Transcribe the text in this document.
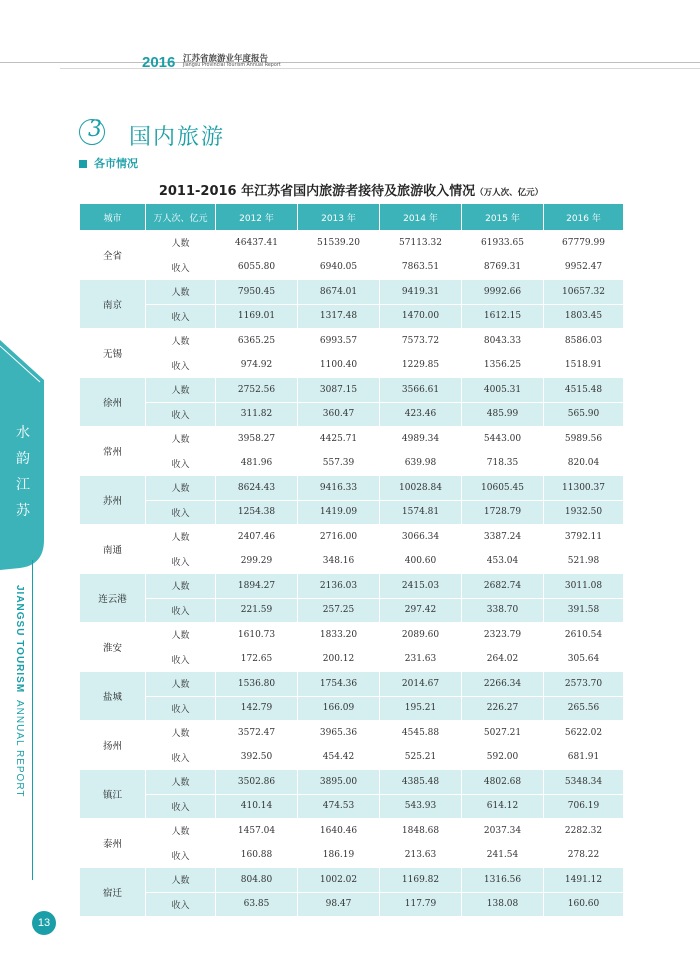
2016 江苏省旅游业年度报告
Jiangsu Provincial Tourism Annual Report
3 国内旅游
各市情况
2011-2016 年江苏省国内旅游者接待及旅游收入情况（万人次、亿元）
城市	万人次、亿元	2012 年	2013 年	2014 年	2015 年	2016 年
全省	人数	46437.41	51539.20	57113.32	61933.65	67779.99
	收入	6055.80	6940.05	7863.51	8769.31	9952.47
南京	人数	7950.45	8674.01	9419.31	9992.66	10657.32
	收入	1169.01	1317.48	1470.00	1612.15	1803.45
无锡	人数	6365.25	6993.57	7573.72	8043.33	8586.03
	收入	974.92	1100.40	1229.85	1356.25	1518.91
徐州	人数	2752.56	3087.15	3566.61	4005.31	4515.48
	收入	311.82	360.47	423.46	485.99	565.90
常州	人数	3958.27	4425.71	4989.34	5443.00	5989.56
	收入	481.96	557.39	639.98	718.35	820.04
苏州	人数	8624.43	9416.33	10028.84	10605.45	11300.37
	收入	1254.38	1419.09	1574.81	1728.79	1932.50
南通	人数	2407.46	2716.00	3066.34	3387.24	3792.11
	收入	299.29	348.16	400.60	453.04	521.98
连云港	人数	1894.27	2136.03	2415.03	2682.74	3011.08
	收入	221.59	257.25	297.42	338.70	391.58
淮安	人数	1610.73	1833.20	2089.60	2323.79	2610.54
	收入	172.65	200.12	231.63	264.02	305.64
盐城	人数	1536.80	1754.36	2014.67	2266.34	2573.70
	收入	142.79	166.09	195.21	226.27	265.56
扬州	人数	3572.47	3965.36	4545.88	5027.21	5622.02
	收入	392.50	454.42	525.21	592.00	681.91
镇江	人数	3502.86	3895.00	4385.48	4802.68	5348.34
	收入	410.14	474.53	543.93	614.12	706.19
泰州	人数	1457.04	1640.46	1848.68	2037.34	2282.32
	收入	160.88	186.19	213.63	241.54	278.22
宿迁	人数	804.80	1002.02	1169.82	1316.56	1491.12
	收入	63.85	98.47	117.79	138.08	160.60
水
韵
江
苏
JIANGSU TOURISM
ANNUAL REPORT
13
